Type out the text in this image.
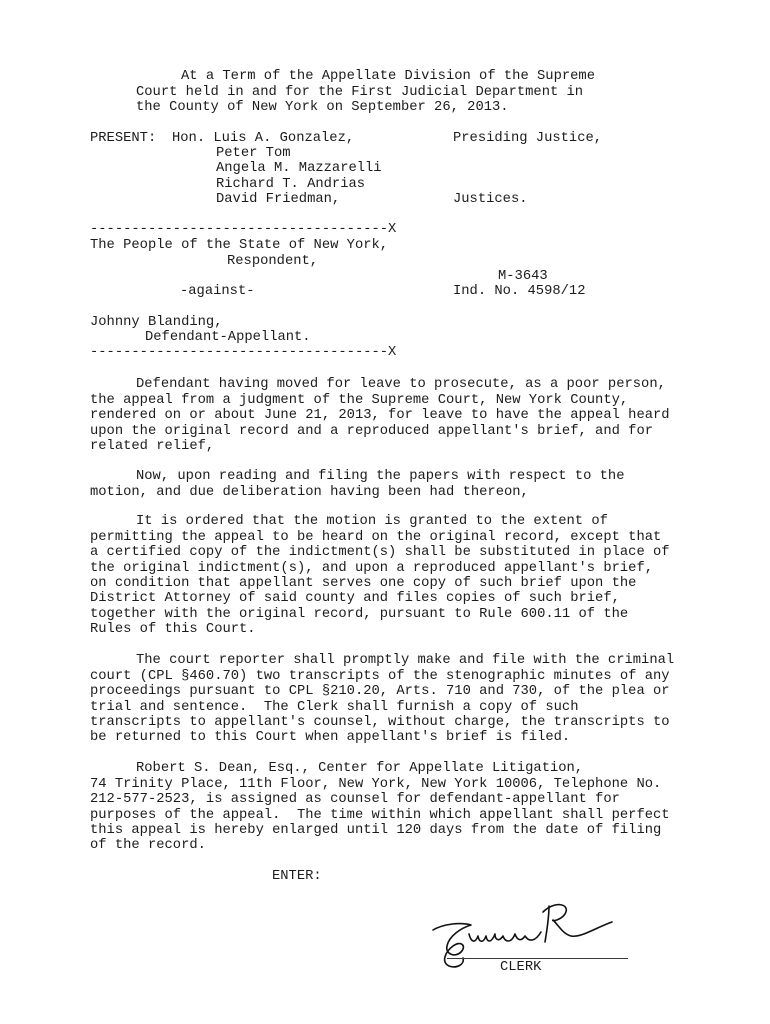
At a Term of the Appellate Division of the Supreme
Court held in and for the First Judicial Department in
the County of New York on September 26, 2013.
PRESENT: Hon. Luis A. Gonzalez,	Presiding Justice,
Peter Tom
Angela M. Mazzarelli
Richard T. Andrias
David Friedman,	Justices.
------------------------------------X
The People of the State of New York,
Respondent,
M-3643
-against-	Ind. No. 4598/12
Johnny Blanding,
Defendant-Appellant.
------------------------------------X
Defendant having moved for leave to prosecute, as a poor person,
the appeal from a judgment of the Supreme Court, New York County,
rendered on or about June 21, 2013, for leave to have the appeal heard
upon the original record and a reproduced appellant's brief, and for
related relief,
Now, upon reading and filing the papers with respect to the
motion, and due deliberation having been had thereon,
It is ordered that the motion is granted to the extent of
permitting the appeal to be heard on the original record, except that
a certified copy of the indictment(s) shall be substituted in place of
the original indictment(s), and upon a reproduced appellant's brief,
on condition that appellant serves one copy of such brief upon the
District Attorney of said county and files copies of such brief,
together with the original record, pursuant to Rule 600.11 of the
Rules of this Court.
The court reporter shall promptly make and file with the criminal
court (CPL §460.70) two transcripts of the stenographic minutes of any
proceedings pursuant to CPL §210.20, Arts. 710 and 730, of the plea or
trial and sentence.  The Clerk shall furnish a copy of such
transcripts to appellant's counsel, without charge, the transcripts to
be returned to this Court when appellant's brief is filed.
Robert S. Dean, Esq., Center for Appellate Litigation,
74 Trinity Place, 11th Floor, New York, New York 10006, Telephone No.
212-577-2523, is assigned as counsel for defendant-appellant for
purposes of the appeal.  The time within which appellant shall perfect
this appeal is hereby enlarged until 120 days from the date of filing
of the record.
ENTER:
CLERK
